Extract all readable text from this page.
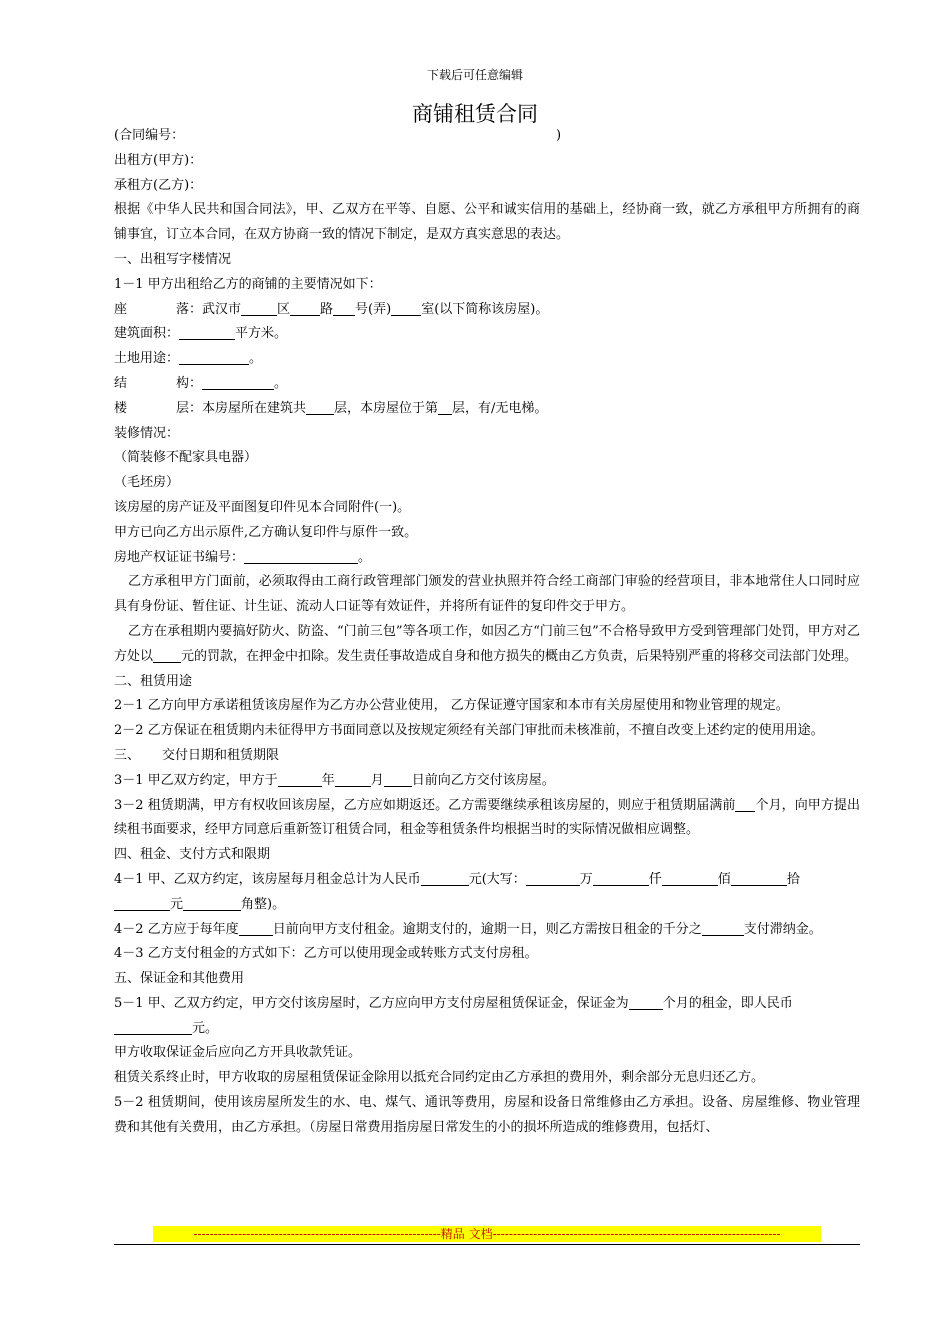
下载后可任意编辑
商铺租赁合同

(合同编号：	)

出租方(甲方)：

承租方(乙方)：

根据《中华人民共和国合同法》，甲、乙双方在平等、自愿、公平和诚实信用的基础上，经协商一致，就乙方承租甲方所拥有的商铺事宜，订立本合同，在双方协商一致的情况下制定，是双方真实意思的表达。

一、出租写字楼情况

1－1 甲方出租给乙方的商铺的主要情况如下：

座	落：武汉市	区 路 号(弄) 室(以下简称该房屋)。

建筑面积：	平方米。

土地用途：	。

结	构：	。

楼	层：本房屋所在建筑共 层，本房屋位于第 层，有/无电梯。

装修情况：

（简装修不配家具电器）

（毛坯房）

该房屋的房产证及平面图复印件见本合同附件(一)。

甲方已向乙方出示原件,乙方确认复印件与原件一致。

房地产权证证书编号：	。

乙方承租甲方门面前，必须取得由工商行政管理部门颁发的营业执照并符合经工商部门审验的经营项目，非本地常住人口同时应具有身份证、暂住证、计生证、流动人口证等有效证件，并将所有证件的复印件交于甲方。

乙方在承租期内要搞好防火、防盗、“门前三包”等各项工作，如因乙方“门前三包”不合格导致甲方受到管理部门处罚，甲方对乙方处以 元的罚款，在押金中扣除。发生责任事故造成自身和他方损失的概由乙方负责，后果特别严重的将移交司法部门处理。

二、租赁用途

2－1 乙方向甲方承诺租赁该房屋作为乙方办公营业使用， 乙方保证遵守国家和本市有关房屋使用和物业管理的规定。

2－2 乙方保证在租赁期内未征得甲方书面同意以及按规定须经有关部门审批而未核准前，不擅自改变上述约定的使用用途。

三、 交付日期和租赁期限

3－1 甲乙双方约定，甲方于	年	月 日前向乙方交付该房屋。

3－2 租赁期满，甲方有权收回该房屋，乙方应如期返还。乙方需要继续承租该房屋的，则应于租赁期届满前 个月，向甲方提出续租书面要求，经甲方同意后重新签订租赁合同，租金等租赁条件均根据当时的实际情况做相应调整。

四、租金、支付方式和限期

4－1 甲、乙双方约定，该房屋每月租金总计为人民币	元(大写：	万	仟	佰	拾
元	角整)。

4－2 乙方应于每年度	日前向甲方支付租金。逾期支付的，逾期一日，则乙方需按日租金的千分之	支付滞纳金。

4－3 乙方支付租金的方式如下：乙方可以使用现金或转账方式支付房租。

五、保证金和其他费用

5－1 甲、乙双方约定，甲方交付该房屋时，乙方应向甲方支付房屋租赁保证金，保证金为	个月的租金，即人民币
元。

甲方收取保证金后应向乙方开具收款凭证。

租赁关系终止时，甲方收取的房屋租赁保证金除用以抵充合同约定由乙方承担的费用外，剩余部分无息归还乙方。

5－2 租赁期间，使用该房屋所发生的水、电、煤气、通讯等费用，房屋和设备日常维修由乙方承担。设备、房屋维修、物业管理费和其他有关费用，由乙方承担。（房屋日常费用指房屋日常发生的小的损坏所造成的维修费用，包括灯、

-------------------------------------------------------------精品 文档-----------------------------------------------------------------------
